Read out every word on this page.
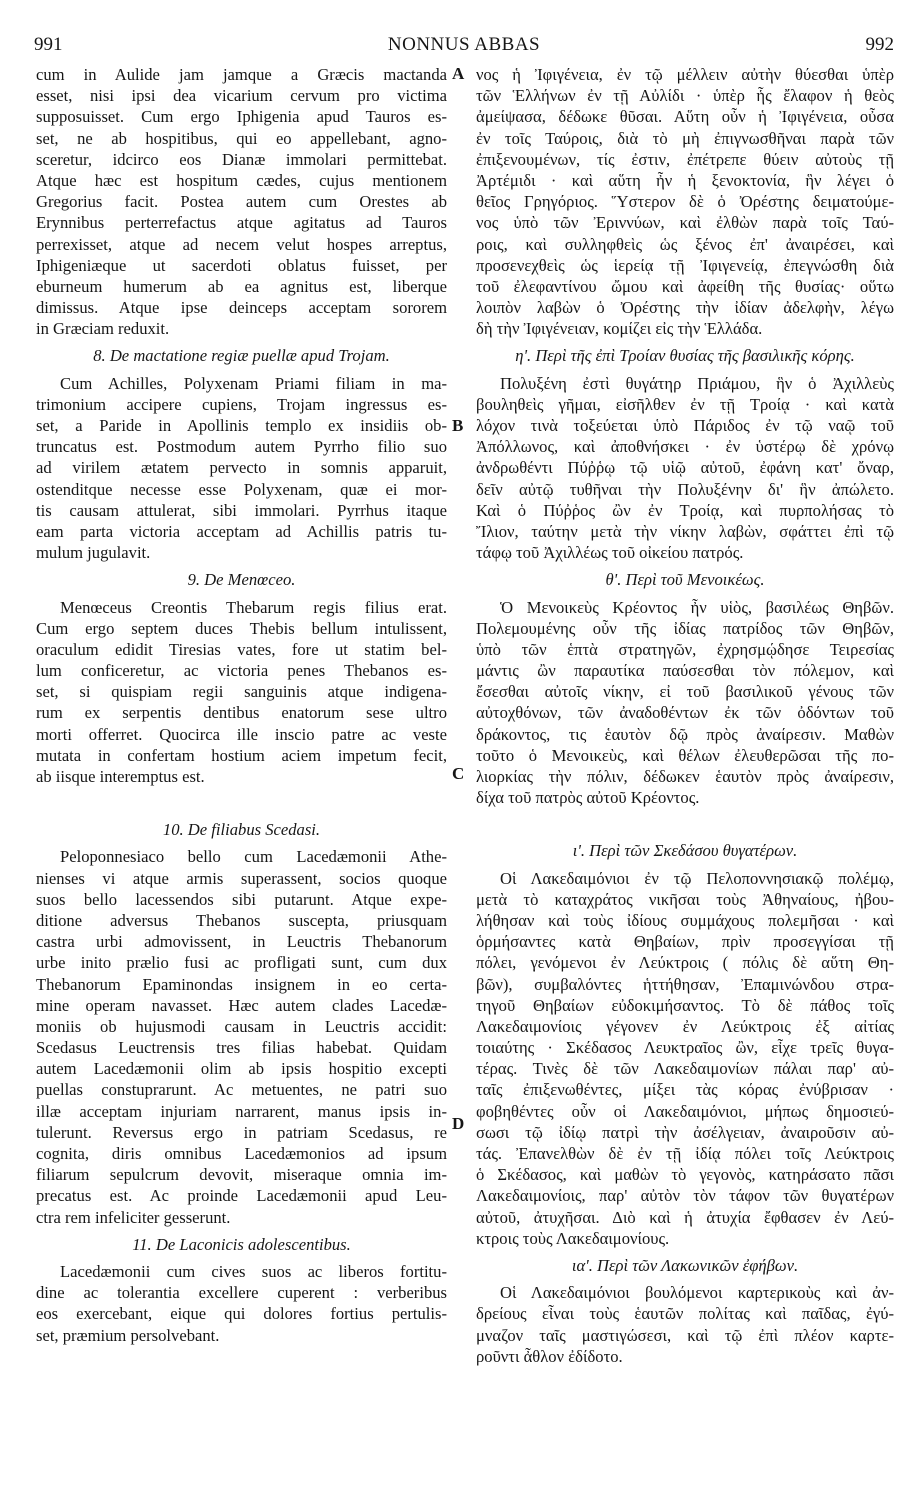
991	NONNUS ABBAS	992
A
B
C
D
cum in Aulide jam jamque a Græcis mactanda
esset, nisi ipsi dea vicarium cervum pro victima
supposuisset. Cum ergo Iphigenia apud Tauros es-
set, ne ab hospitibus, qui eo appellebant, agno-
sceretur, idcirco eos Dianæ immolari permittebat.
Atque hæc est hospitum cædes, cujus mentionem
Gregorius facit. Postea autem cum Orestes ab
Erynnibus perterrefactus atque agitatus ad Tauros
perrexisset, atque ad necem velut hospes arreptus,
Iphigeniæque ut sacerdoti oblatus fuisset, per
eburneum humerum ab ea agnitus est, liberque
dimissus. Atque ipse deinceps acceptam sororem
in Græciam reduxit.
8. De mactatione regiæ puellæ apud Trojam.
Cum Achilles, Polyxenam Priami filiam in ma-
trimonium accipere cupiens, Trojam ingressus es-
set, a Paride in Apollinis templo ex insidiis ob-
truncatus est. Postmodum autem Pyrrho filio suo
ad virilem ætatem pervecto in somnis apparuit,
ostenditque necesse esse Polyxenam, quæ ei mor-
tis causam attulerat, sibi immolari. Pyrrhus itaque
eam parta victoria acceptam ad Achillis patris tu-
mulum jugulavit.
9. De Menœceo.
Menœceus Creontis Thebarum regis filius erat.
Cum ergo septem duces Thebis bellum intulissent,
oraculum edidit Tiresias vates, fore ut statim bel-
lum conficeretur, ac victoria penes Thebanos es-
set, si quispiam regii sanguinis atque indigena-
rum ex serpentis dentibus enatorum sese ultro
morti offerret. Quocirca ille inscio patre ac veste
mutata in confertam hostium aciem impetum fecit,
ab iisque interemptus est.
10. De filiabus Scedasi.
Peloponnesiaco bello cum Lacedæmonii Athe-
nienses vi atque armis superassent, socios quoque
suos bello lacessendos sibi putarunt. Atque expe-
ditione adversus Thebanos suscepta, priusquam
castra urbi admovissent, in Leuctris Thebanorum
urbe inito prælio fusi ac profligati sunt, cum dux
Thebanorum Epaminondas insignem in eo certa-
mine operam navasset. Hæc autem clades Lacedæ-
moniis ob hujusmodi causam in Leuctris accidit:
Scedasus Leuctrensis tres filias habebat. Quidam
autem Lacedæmonii olim ab ipsis hospitio excepti
puellas constuprarunt. Ac metuentes, ne patri suo
illæ acceptam injuriam narrarent, manus ipsis in-
tulerunt. Reversus ergo in patriam Scedasus, re
cognita, diris omnibus Lacedæmonios ad ipsum
filiarum sepulcrum devovit, miseraque omnia im-
precatus est. Ac proinde Lacedæmonii apud Leu-
ctra rem infeliciter gesserunt.
11. De Laconicis adolescentibus.
Lacedæmonii cum cives suos ac liberos fortitu-
dine ac tolerantia excellere cuperent : verberibus
eos exercebant, eique qui dolores fortius pertulis-
set, præmium persolvebant.
νος ἡ Ἰφιγένεια, ἐν τῷ μέλλειν αὐτὴν θύεσθαι ὑπὲρ
τῶν Ἑλλήνων ἐν τῇ Αὐλίδι · ὑπὲρ ἧς ἔλαφον ἡ θεὸς
ἀμείψασα, δέδωκε θῦσαι. Αὕτη οὖν ἡ Ἰφιγένεια, οὖσα
ἐν τοῖς Ταύροις, διὰ τὸ μὴ ἐπιγνωσθῆναι παρὰ τῶν
ἐπιξενουμένων, τίς ἐστιν, ἐπέτρεπε θύειν αὐτοὺς τῇ
Ἀρτέμιδι · καὶ αὕτη ἦν ἡ ξενοκτονία, ἣν λέγει ὁ
θεῖος Γρηγόριος. Ὕστερον δὲ ὁ Ὀρέστης δειματούμε-
νος ὑπὸ τῶν Ἐριννύων, καὶ ἐλθὼν παρὰ τοῖς Ταύ-
ροις, καὶ συλληφθεὶς ὡς ξένος ἐπ' ἀναιρέσει, καὶ
προσενεχθεὶς ὡς ἱερείᾳ τῇ Ἰφιγενείᾳ, ἐπεγνώσθη διὰ
τοῦ ἐλεφαντίνου ὤμου καὶ ἀφείθη τῆς θυσίας· οὕτω
λοιπὸν λαβὼν ὁ Ὀρέστης τὴν ἰδίαν ἀδελφὴν, λέγω
δὴ τὴν Ἰφιγένειαν, κομίζει εἰς τὴν Ἑλλάδα.
η'. Περὶ τῆς ἐπὶ Τροίαν θυσίας τῆς βασιλικῆς κόρης.
Πολυξένη ἐστὶ θυγάτηρ Πριάμου, ἣν ὁ Ἀχιλλεὺς
βουληθεὶς γῆμαι, εἰσῆλθεν ἐν τῇ Τροίᾳ · καὶ κατὰ
λόχον τινὰ τοξεύεται ὑπὸ Πάριδος ἐν τῷ ναῷ τοῦ
Ἀπόλλωνος, καὶ ἀποθνήσκει · ἐν ὑστέρῳ δὲ χρόνῳ
ἀνδρωθέντι Πύῤῥῳ τῷ υἱῷ αὐτοῦ, ἐφάνη κατ' ὄναρ,
δεῖν αὐτῷ τυθῆναι τὴν Πολυξένην δι' ἣν ἀπώλετο.
Καὶ ὁ Πύῤῥος ὢν ἐν Τροίᾳ, καὶ πυρπολήσας τὸ
Ἴλιον, ταύτην μετὰ τὴν νίκην λαβὼν, σφάττει ἐπὶ τῷ
τάφῳ τοῦ Ἀχιλλέως τοῦ οἰκείου πατρός.
θ'. Περὶ τοῦ Μενοικέως.
Ὁ Μενοικεὺς Κρέοντος ἦν υἱὸς, βασιλέως Θηβῶν.
Πολεμουμένης οὖν τῆς ἰδίας πατρίδος τῶν Θηβῶν,
ὑπὸ τῶν ἑπτὰ στρατηγῶν, ἐχρησμῴδησε Τειρεσίας
μάντις ὢν παραυτίκα παύσεσθαι τὸν πόλεμον, καὶ
ἔσεσθαι αὐτοῖς νίκην, εἰ τοῦ βασιλικοῦ γένους τῶν
αὐτοχθόνων, τῶν ἀναδοθέντων ἐκ τῶν ὀδόντων τοῦ
δράκοντος, τις ἑαυτὸν δῷ πρὸς ἀναίρεσιν. Μαθὼν
τοῦτο ὁ Μενοικεὺς, καὶ θέλων ἐλευθερῶσαι τῆς πο-
λιορκίας τὴν πόλιν, δέδωκεν ἑαυτὸν πρὸς ἀναίρεσιν,
δίχα τοῦ πατρὸς αὐτοῦ Κρέοντος.
ι'. Περὶ τῶν Σκεδάσου θυγατέρων.
Οἱ Λακεδαιμόνιοι ἐν τῷ Πελοποννησιακῷ πολέμῳ,
μετὰ τὸ καταχράτος νικῆσαι τοὺς Ἀθηναίους, ἠβου-
λήθησαν καὶ τοὺς ἰδίους συμμάχους πολεμῆσαι · καὶ
ὁρμήσαντες κατὰ Θηβαίων, πρὶν προσεγγίσαι τῇ
πόλει, γενόμενοι ἐν Λεύκτροις ( πόλις δὲ αὕτη Θη-
βῶν), συμβαλόντες ἡττήθησαν, Ἐπαμινώνδου στρα-
τηγοῦ Θηβαίων εὐδοκιμήσαντος. Τὸ δὲ πάθος τοῖς
Λακεδαιμονίοις γέγονεν ἐν Λεύκτροις ἐξ αἰτίας
τοιαύτης · Σκέδασος Λευκτραῖος ὢν, εἶχε τρεῖς θυγα-
τέρας. Τινὲς δὲ τῶν Λακεδαιμονίων πάλαι παρ' αὐ-
ταῖς ἐπιξενωθέντες, μίξει τὰς κόρας ἐνύβρισαν ·
φοβηθέντες οὖν οἱ Λακεδαιμόνιοι, μήπως δημοσιεύ-
σωσι τῷ ἰδίῳ πατρὶ τὴν ἀσέλγειαν, ἀναιροῦσιν αὐ-
τάς. Ἐπανελθὼν δὲ ἐν τῇ ἰδίᾳ πόλει τοῖς Λεύκτροις
ὁ Σκέδασος, καὶ μαθὼν τὸ γεγονὸς, κατηράσατο πᾶσι
Λακεδαιμονίοις, παρ' αὐτὸν τὸν τάφον τῶν θυγατέρων
αὐτοῦ, ἀτυχῆσαι. Διὸ καὶ ἡ ἀτυχία ἔφθασεν ἐν Λεύ-
κτροις τοὺς Λακεδαιμονίους.
ια'. Περὶ τῶν Λακωνικῶν ἐφήβων.
Οἱ Λακεδαιμόνιοι βουλόμενοι καρτερικοὺς καὶ ἀν-
δρείους εἶναι τοὺς ἑαυτῶν πολίτας καὶ παῖδας, ἐγύ-
μναζον ταῖς μαστιγώσεσι, καὶ τῷ ἐπὶ πλέον καρτε-
ροῦντι ἆθλον ἐδίδοτο.
